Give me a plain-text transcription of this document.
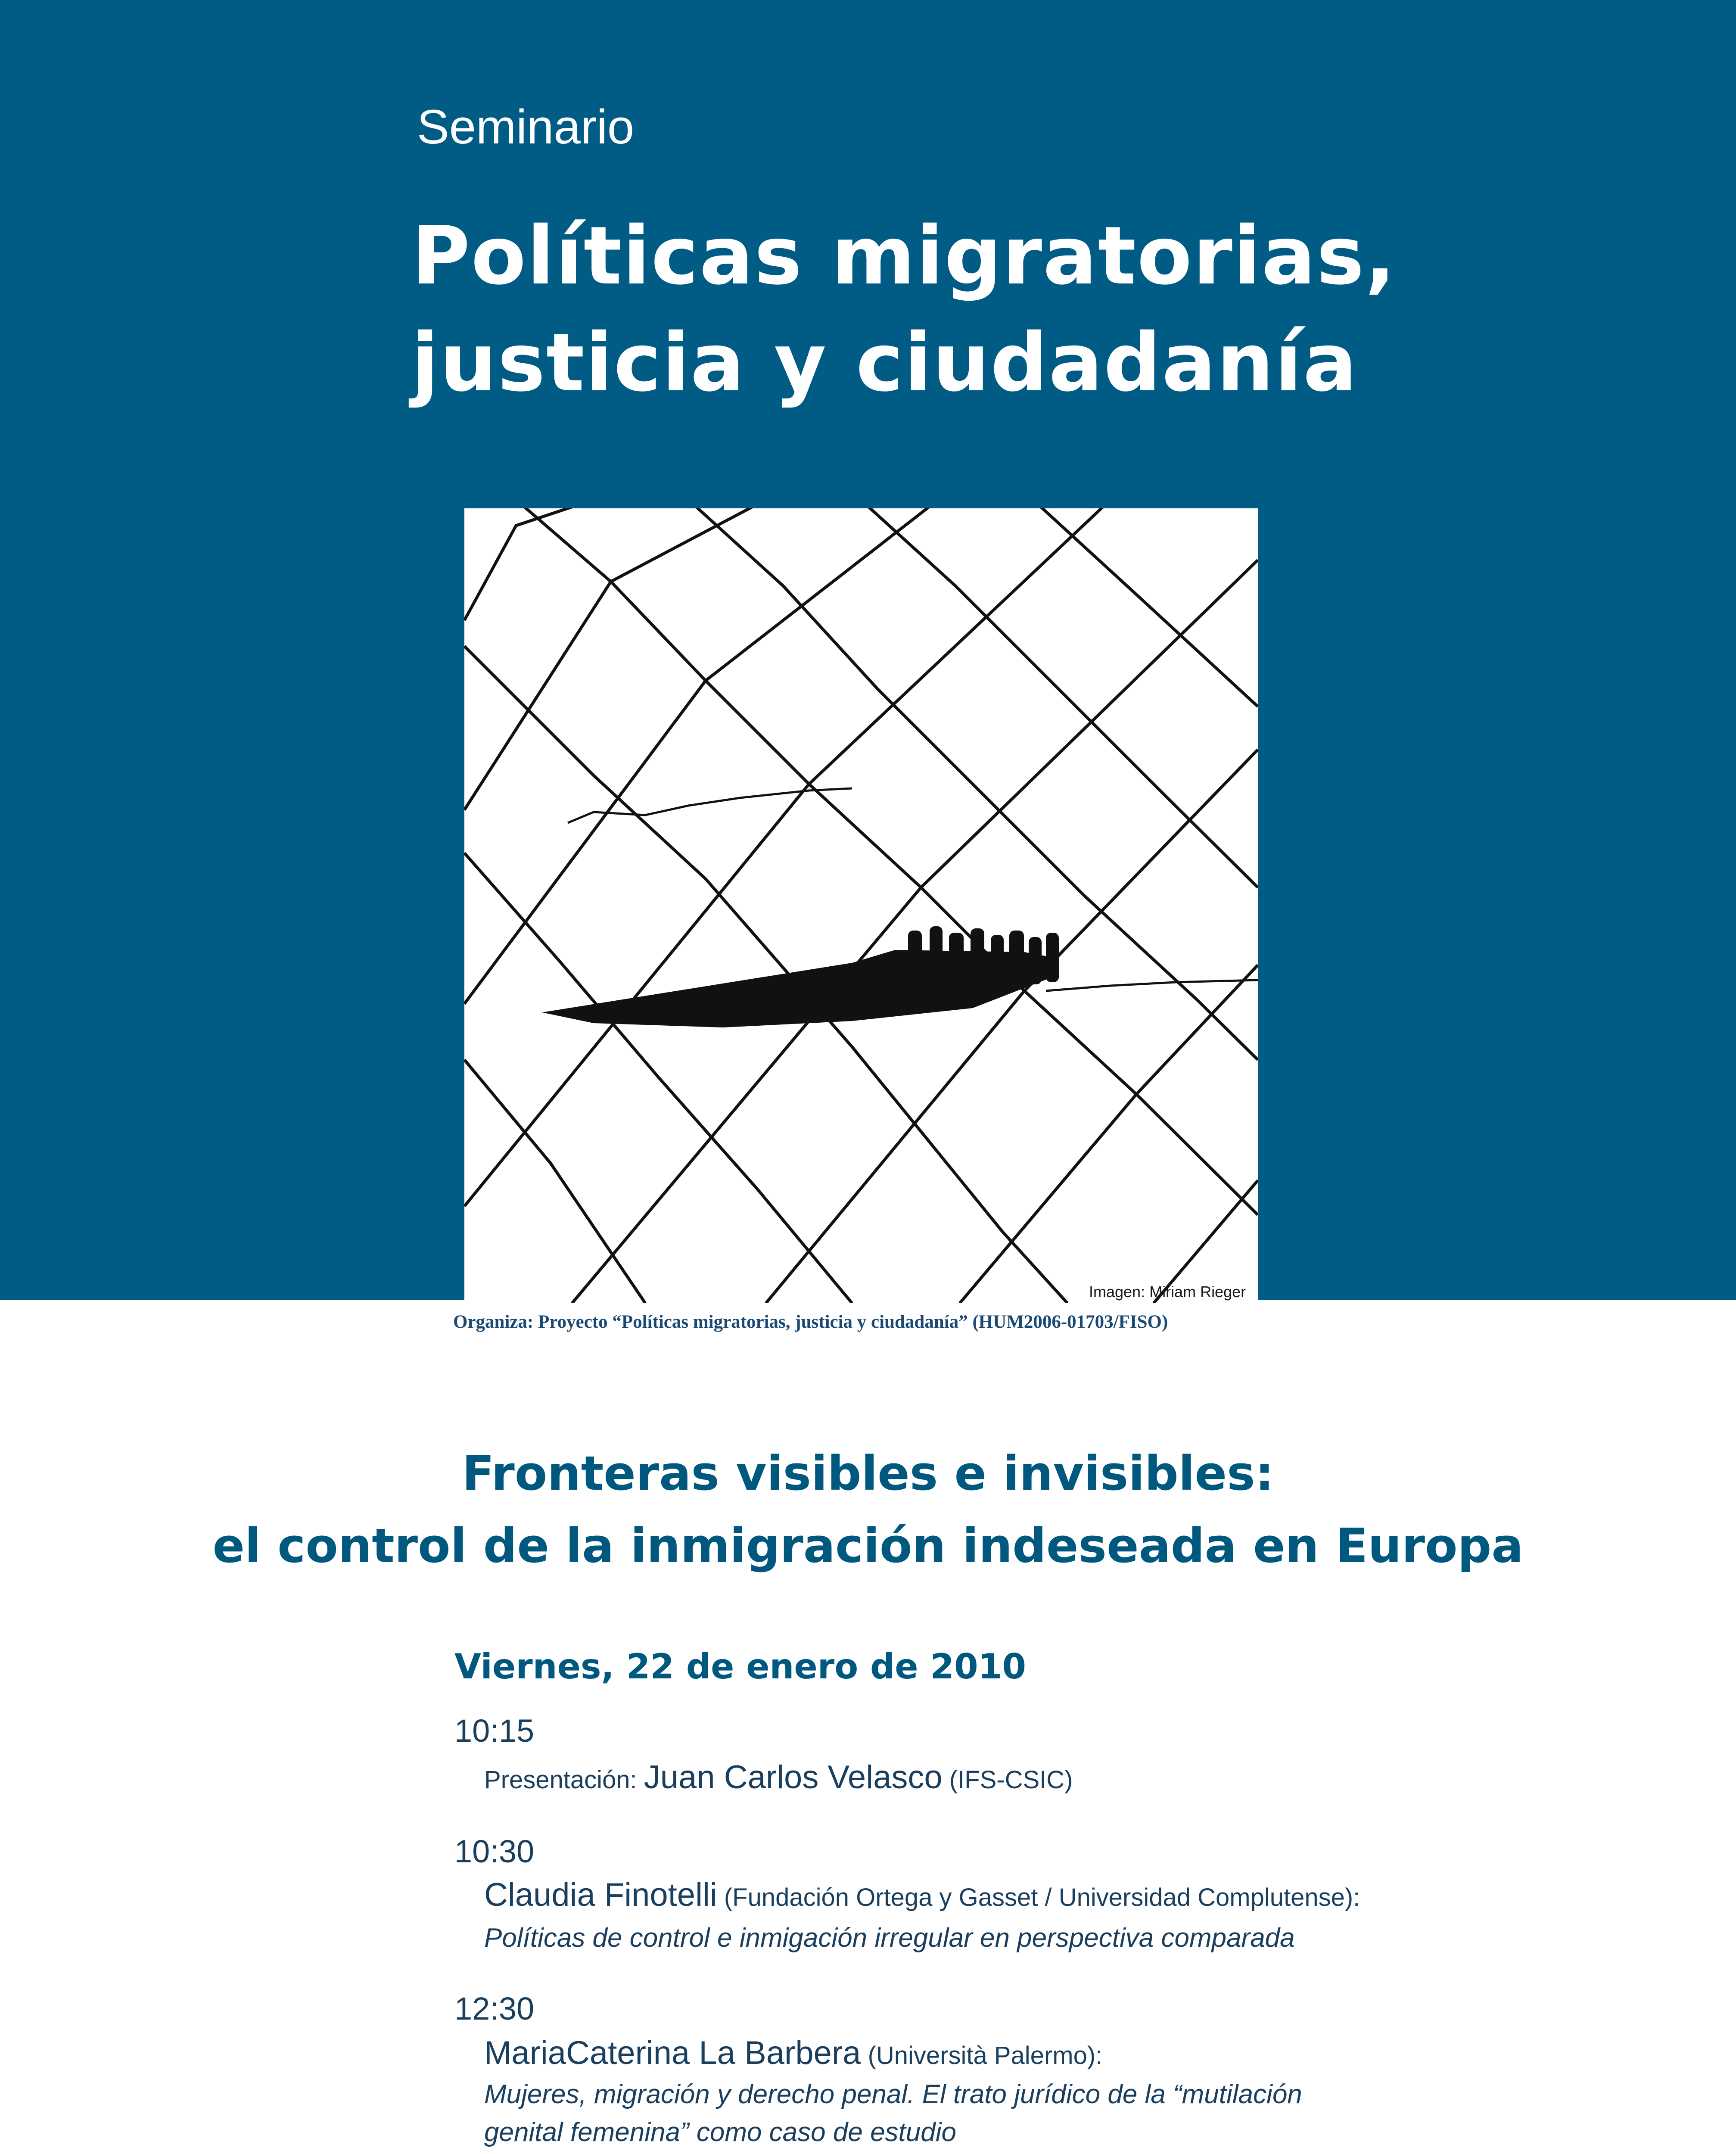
Seminario
Políticas migratorias,
justicia y ciudadanía
Imagen: Miriam Rieger
Organiza: Proyecto “Políticas migratorias, justicia y ciudadanía” (HUM2006-01703/FISO)
Fronteras visibles e invisibles:
el control de la inmigración indeseada en Europa
Viernes, 22 de enero de 2010
10:15
Presentación: Juan Carlos Velasco (IFS-CSIC)
10:30
Claudia Finotelli (Fundación Ortega y Gasset / Universidad Complutense):
Políticas de control e inmigación irregular en perspectiva comparada
12:30
MariaCaterina La Barbera (Università Palermo):
Mujeres, migración y derecho penal. El trato jurídico de la “mutilación
genital femenina” como caso de estudio
